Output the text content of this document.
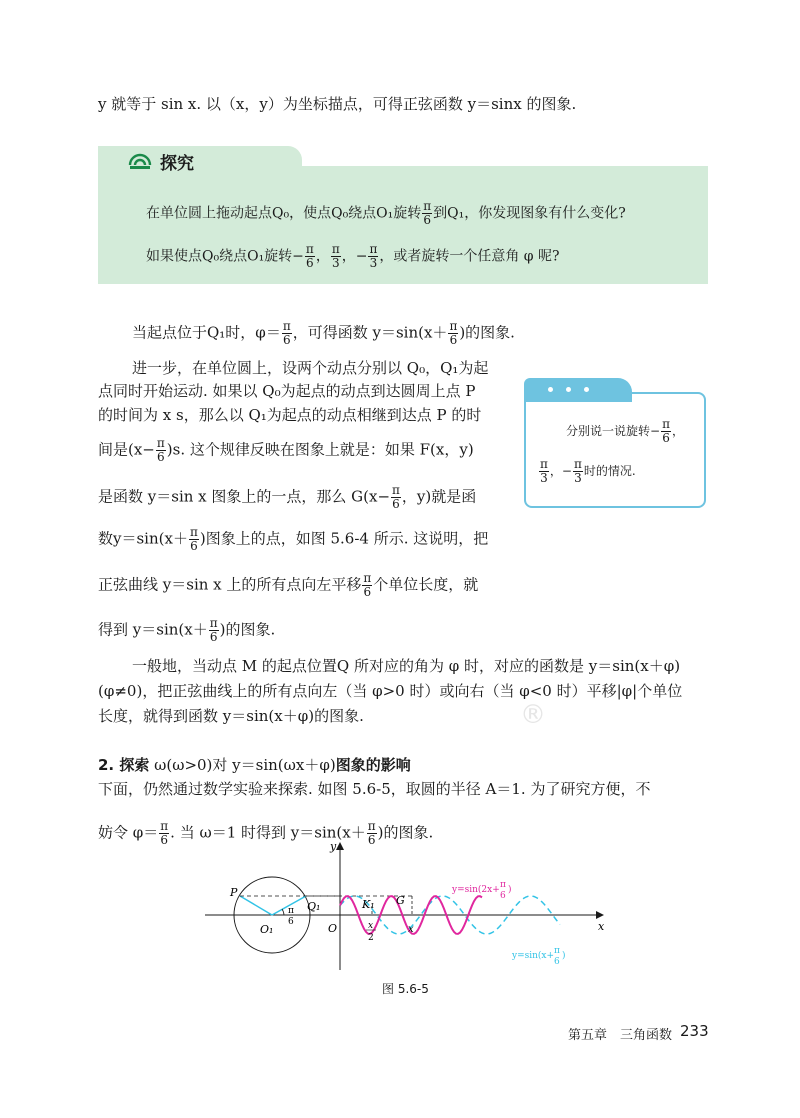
y 就等于 sin x. 以（x，y）为坐标描点，可得正弦函数 y＝sinx 的图象.
探究
在单位圆上拖动起点Q₀，使点Q₀绕点O₁旋转 $\frac{\pi}{6}$ 到Q₁，你发现图象有什么变化?
如果使点Q₀绕点O₁旋转− $\frac{\pi}{6}$ ， $\frac{\pi}{3}$ ，− $\frac{\pi}{3}$ ，或者旋转一个任意角 φ 呢?
当起点位于Q₁时，$\varphi= \frac{\pi}{6}$ ，可得函数 $y=\sin(x+ \frac{\pi}{6}$ )的图象.
进一步，在单位圆上，设两个动点分别以 Q₀，Q₁为起
点同时开始运动. 如果以 Q₀为起点的动点到达圆周上点 P
的时间为 x s，那么以 Q₁为起点的动点相继到达点 P 的时
间是$(x- \frac{\pi}{6} )s$. 这个规律反映在图象上就是：如果 F(x，y)
是函数 y＝sin x 图象上的一点，那么 $G(x- \frac{\pi}{6}$ ，y)就是函
数$y=\sin(x+ \frac{\pi}{6}$ )图象上的点，如图 5.6-4 所示. 这说明，把
正弦曲线 y＝sin x 上的所有点向左平移 $\frac{\pi}{6}$ 个单位长度，就
得到 $y=\sin(x+ \frac{\pi}{6}$ )的图象.
分别说一说旋转− $\frac{\pi}{6}$ ，
$\frac{\pi}{3}$ ，− $\frac{\pi}{3}$ 时的情况.
一般地，当动点 M 的起点位置Q 所对应的角为 φ 时，对应的函数是 y＝sin(x＋φ)
(φ≠0)，把正弦曲线上的所有点向左（当 φ>0 时）或向右（当 φ<0 时）平移|φ|个单位
长度，就得到函数 y＝sin(x＋φ)的图象.	®
2. 探索 ω(ω>0)对 y＝sin(ωx＋φ)图象的影响
下面，仍然通过数学实验来探索. 如图 5.6-5，取圆的半径 A＝1. 为了研究方便，不
妨令 $\varphi= \frac{\pi}{6}$ . 当 ω＝1 时得到 $y=\sin(x+ \frac{\pi}{6}$ )的图象.
y
x
P
Q₁
O₁	O
K₁ G
π
6	x
2
x
y=sin(2x+ π
6
)
y=sin(x+ π
6
)
图 5.6-5
第五章　三角函数 233
